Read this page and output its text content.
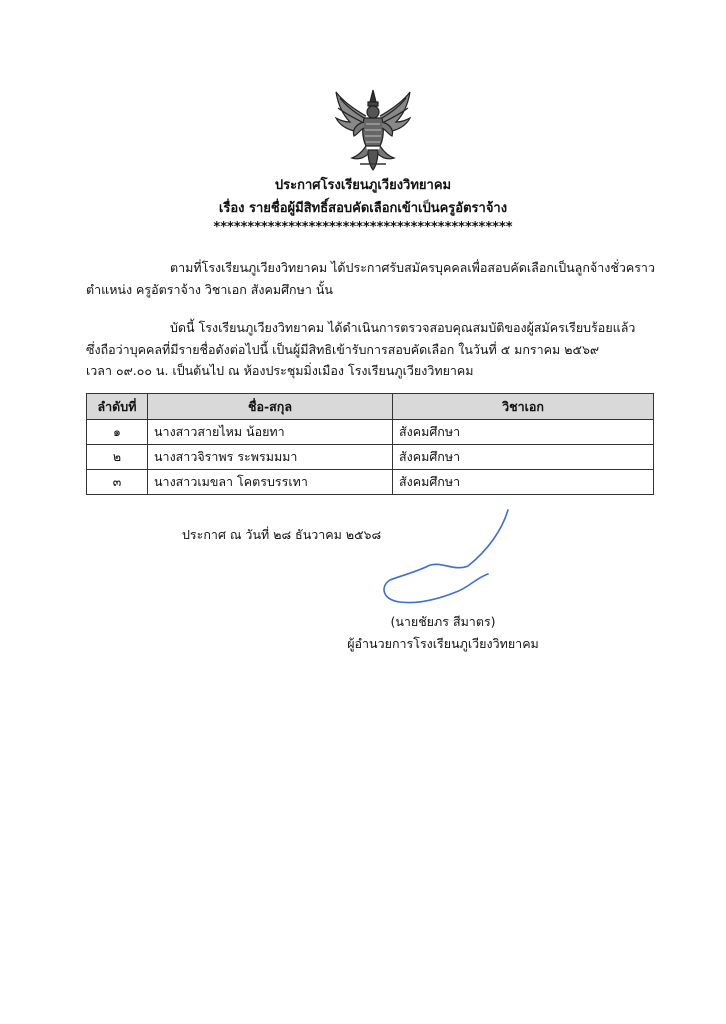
ประกาศโรงเรียนภูเวียงวิทยาคม
เรื่อง รายชื่อผู้มีสิทธิ์สอบคัดเลือกเข้าเป็นครูอัตราจ้าง
********************************************
ตามที่โรงเรียนภูเวียงวิทยาคม ได้ประกาศรับสมัครบุคคลเพื่อสอบคัดเลือกเป็นลูกจ้างชั่วคราว
ตำแหน่ง ครูอัตราจ้าง วิชาเอก สังคมศึกษา นั้น
บัดนี้ โรงเรียนภูเวียงวิทยาคม ได้ดำเนินการตรวจสอบคุณสมบัติของผู้สมัครเรียบร้อยแล้ว
ซึ่งถือว่าบุคคลที่มีรายชื่อดังต่อไปนี้ เป็นผู้มีสิทธิเข้ารับการสอบคัดเลือก ในวันที่ ๕ มกราคม ๒๕๖๙
เวลา ๐๙.๐๐ น. เป็นต้นไป ณ ห้องประชุมมิ่งเมือง โรงเรียนภูเวียงวิทยาคม
ลำดับที่	ชื่อ-สกุล	วิชาเอก
๑	นางสาวสายไหม น้อยทา	สังคมศึกษา
๒	นางสาวจิราพร ระพรมมมา	สังคมศึกษา
๓	นางสาวเมขลา โคตรบรรเทา	สังคมศึกษา
ประกาศ ณ วันที่ ๒๘ ธันวาคม ๒๕๖๘
(นายชัยภร สีมาตร)
ผู้อำนวยการโรงเรียนภูเวียงวิทยาคม
